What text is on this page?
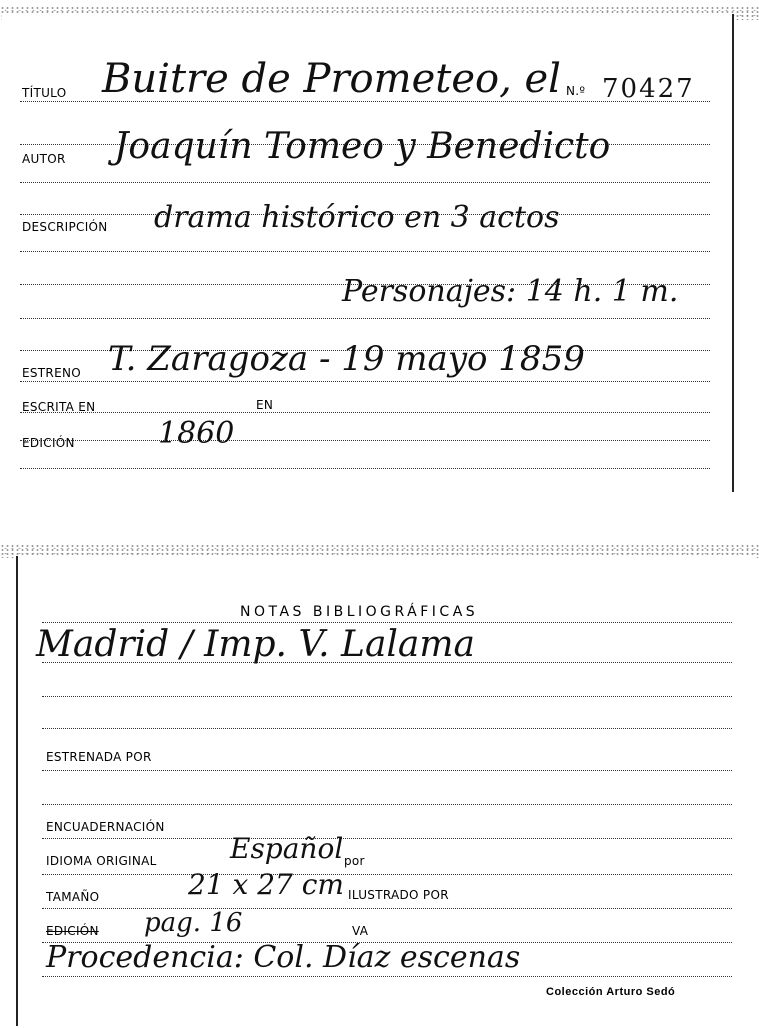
TÍTULO Buitre de Prometeo, el N.º 70427
AUTOR Joaquín Tomeo y Benedicto
DESCRIPCIÓN drama histórico en 3 actos
Personajes: 14 h. 1 m.
ESTRENO T. Zaragoza - 19 mayo 1859
ESCRITA EN	EN
EDICIÓN	1860
NOTAS BIBLIOGRÁFICAS
Madrid / Imp. V. Lalama
ESTRENADA POR
ENCUADERNACIÓN
IDIOMA ORIGINAL	Español por
TAMAÑO	21 x 27 cm ILUSTRADO POR
EDICIÓN pag. 16	VA
Procedencia: Col. Díaz escenas
Colección Arturo Sedó
